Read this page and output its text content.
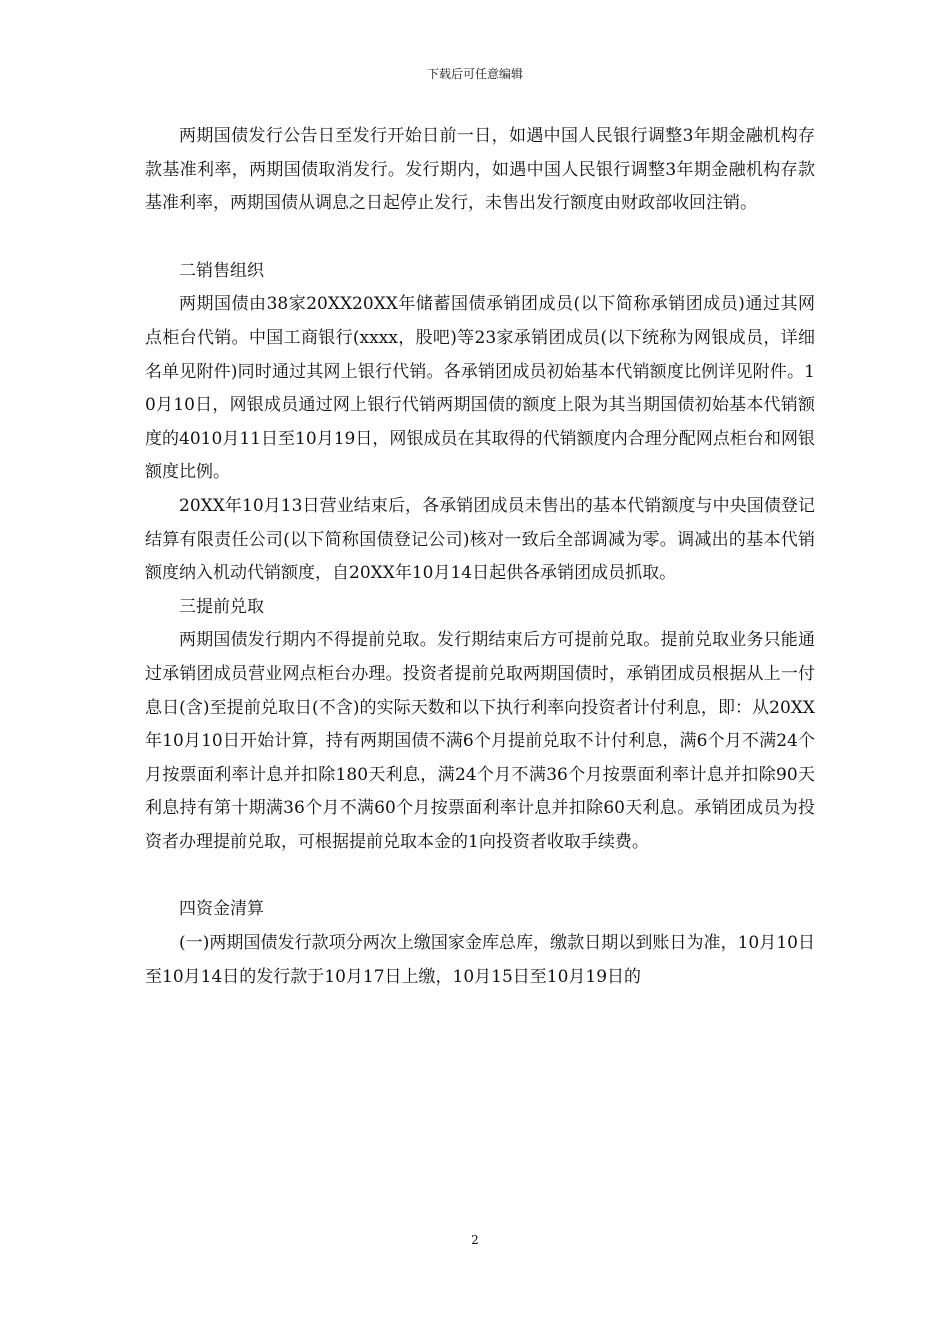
下载后可任意编辑

两期国债发行公告日至发行开始日前一日，如遇中国人民银行调整3年期金融机构存款基准利率，两期国债取消发行。发行期内，如遇中国人民银行调整3年期金融机构存款基准利率，两期国债从调息之日起停止发行，未售出发行额度由财政部收回注销。

二销售组织

两期国债由38家20XX20XX年储蓄国债承销团成员(以下简称承销团成员)通过其网点柜台代销。中国工商银行(xxxx，股吧)等23家承销团成员(以下统称为网银成员，详细名单见附件)同时通过其网上银行代销。各承销团成员初始基本代销额度比例详见附件。10月10日，网银成员通过网上银行代销两期国债的额度上限为其当期国债初始基本代销额度的4010月11日至10月19日，网银成员在其取得的代销额度内合理分配网点柜台和网银额度比例。

20XX年10月13日营业结束后，各承销团成员未售出的基本代销额度与中央国债登记结算有限责任公司(以下简称国债登记公司)核对一致后全部调减为零。调减出的基本代销额度纳入机动代销额度，自20XX年10月14日起供各承销团成员抓取。

三提前兑取

两期国债发行期内不得提前兑取。发行期结束后方可提前兑取。提前兑取业务只能通过承销团成员营业网点柜台办理。投资者提前兑取两期国债时，承销团成员根据从上一付息日(含)至提前兑取日(不含)的实际天数和以下执行利率向投资者计付利息，即：从20XX年10月10日开始计算，持有两期国债不满6个月提前兑取不计付利息，满6个月不满24个月按票面利率计息并扣除180天利息，满24个月不满36个月按票面利率计息并扣除90天利息持有第十期满36个月不满60个月按票面利率计息并扣除60天利息。承销团成员为投资者办理提前兑取，可根据提前兑取本金的1向投资者收取手续费。

四资金清算

(一)两期国债发行款项分两次上缴国家金库总库，缴款日期以到账日为准，10月10日至10月14日的发行款于10月17日上缴，10月15日至10月19日的

2
